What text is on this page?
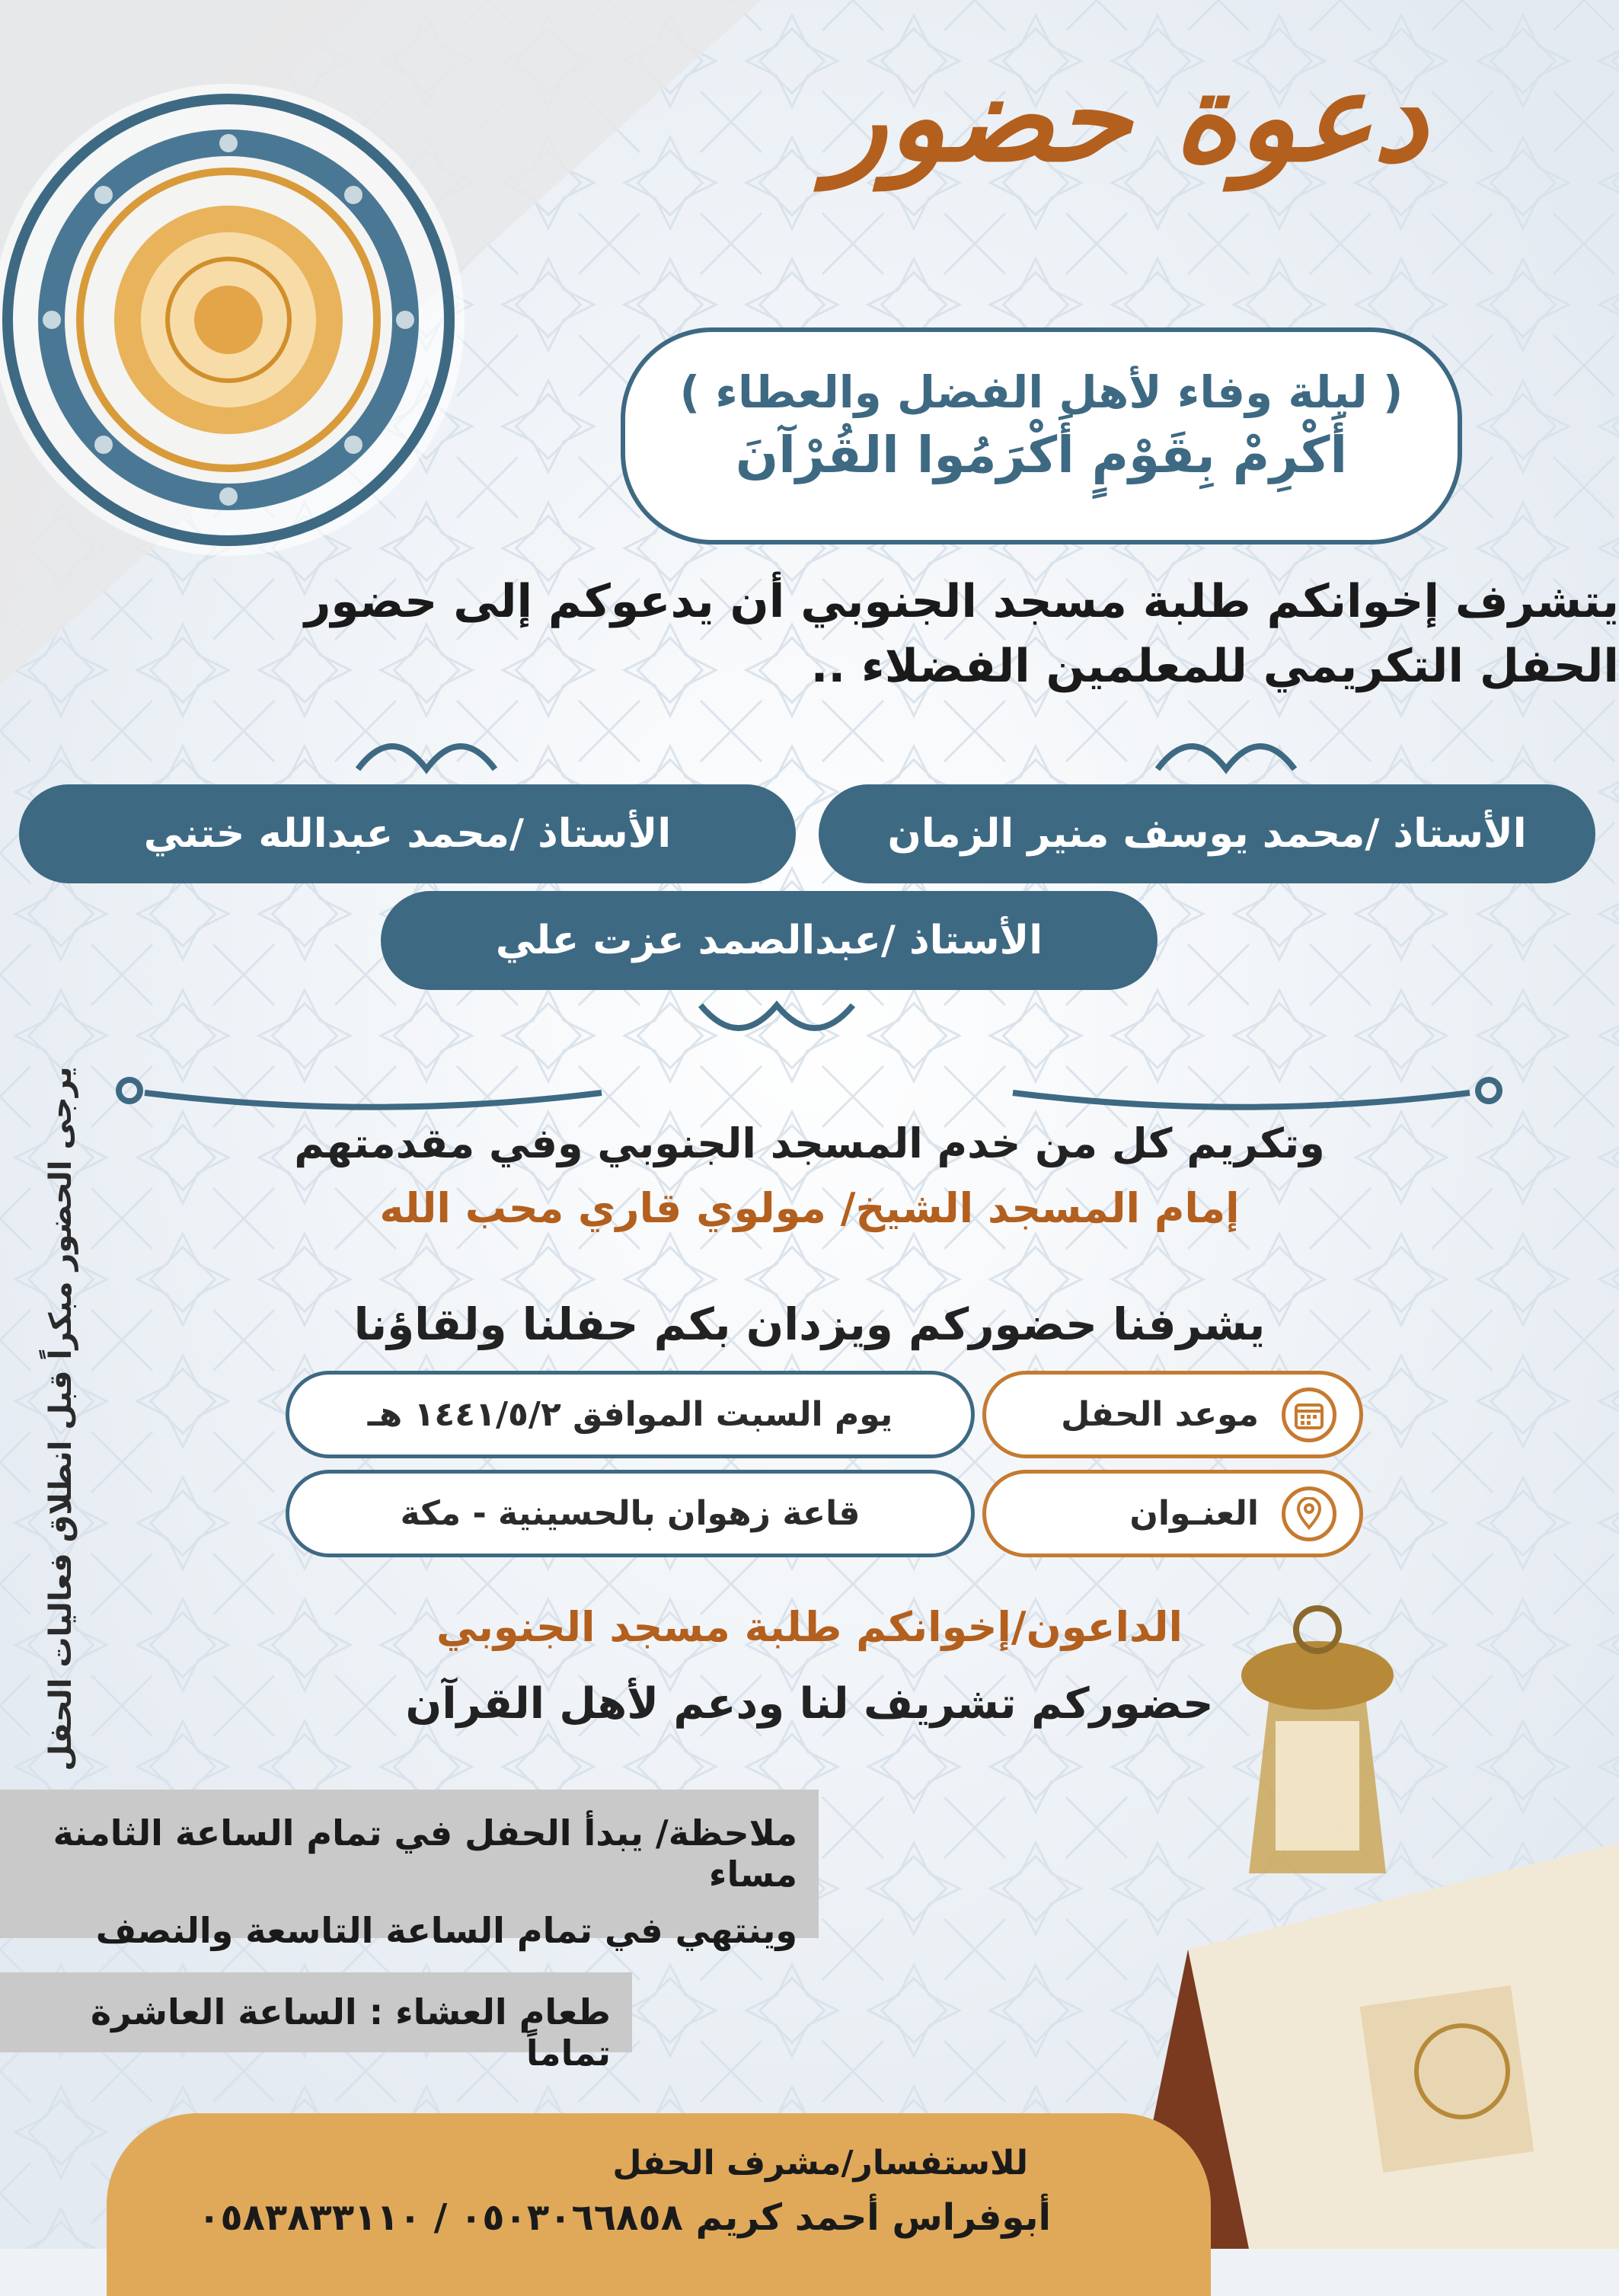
دعوة حضور
( ليلة وفاء لأهل الفضل والعطاء )
أَكْرِمْ بِقَوْمٍ أَكْرَمُوا القُرْآنَ
يتشرف إخوانكم طلبة مسجد الجنوبي أن يدعوكم إلى حضور
الحفل التكريمي للمعلمين الفضلاء ..
الأستاذ /محمد يوسف منير الزمان
الأستاذ /محمد عبدالله ختني
الأستاذ /عبدالصمد عزت علي
وتكريم كل من خدم المسجد الجنوبي وفي مقدمتهم
إمام المسجد الشيخ/ مولوي قاري محب الله
يشرفنا حضوركم ويزدان بكم حفلنا ولقاؤنا
يوم السبت الموافق ١٤٤١/٥/٢ هـ	موعد الحفل
قاعة زهوان بالحسينية - مكة	العنـوان
الداعون/إخوانكم طلبة مسجد الجنوبي
حضوركم تشريف لنا ودعم لأهل القرآن
يرجى الحضور مبكراً قبل انطلاق فعاليات الحفل
ملاحظة/ يبدأ الحفل في تمام الساعة الثامنة مساء
وينتهي في تمام الساعة التاسعة والنصف
طعام العشاء : الساعة العاشرة تماماً
للاستفسار/مشرف الحفل
أبوفراس أحمد كريم ٠٥٠٣٠٦٦٨٥٨ / ٠٥٨٣٨٣٣١١٠
